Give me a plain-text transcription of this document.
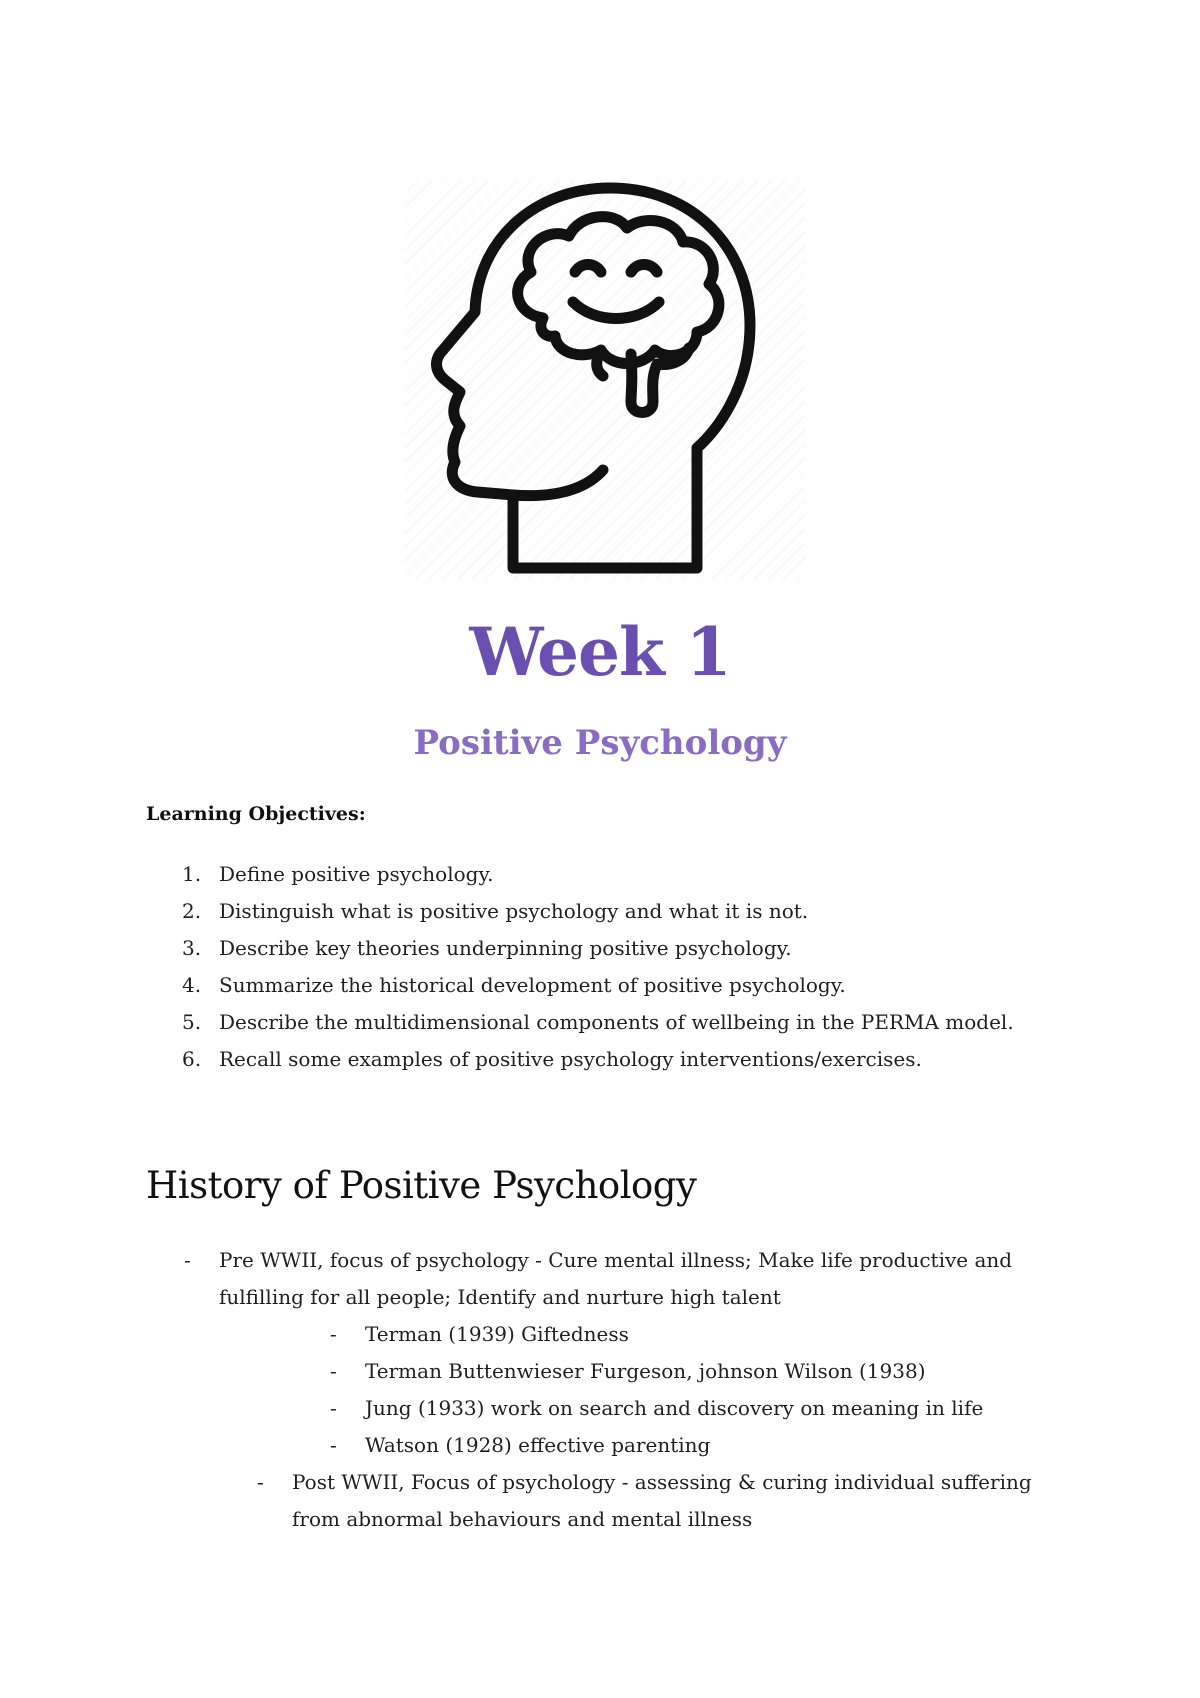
Week 1
Positive Psychology
Learning Objectives:
1. Define positive psychology.
2. Distinguish what is positive psychology and what it is not.
3. Describe key theories underpinning positive psychology.
4. Summarize the historical development of positive psychology.
5. Describe the multidimensional components of wellbeing in the PERMA model.
6. Recall some examples of positive psychology interventions/exercises.
History of Positive Psychology
- Pre WWII, focus of psychology - Cure mental illness; Make life productive and fulfilling for all people; Identify and nurture high talent
- Terman (1939) Giftedness
- Terman Buttenwieser Furgeson, johnson Wilson (1938)
- Jung (1933) work on search and discovery on meaning in life
- Watson (1928) effective parenting
- Post WWII, Focus of psychology - assessing & curing individual suffering from abnormal behaviours and mental illness
